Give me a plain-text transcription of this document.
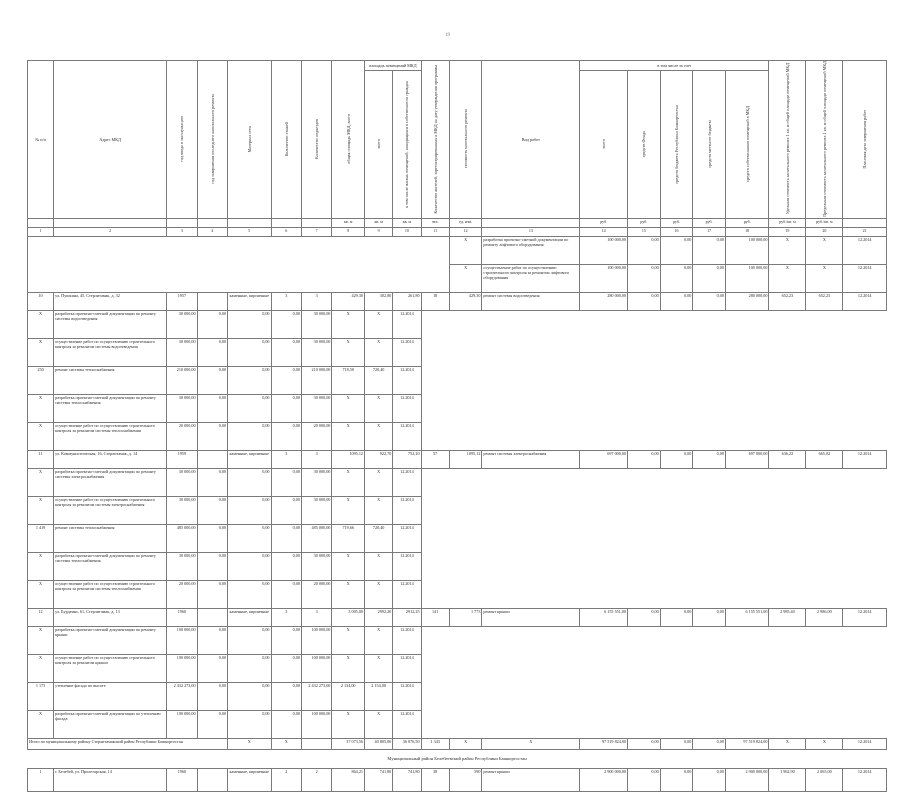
19
№ п/п	Адрес МКД	год ввода в эксплуатацию	год завершения последнего капитального ремонта	Материал стен	Количество этажей	Количество подъездов	общая площадь МКД, всего	площадь помещений МКД		Количество жителей, зарегистрированных в МКД на дату утверждения программы	стоимость капитального ремонта	Вид работ	в том числе за счет					Удельная стоимость капитального ремонта 1 кв. м общей площади помещений МКД	Предельная стоимость капитального ремонта 1 кв. м общей площади помещений МКД	Плановая дата завершения работ
								всего	в том числе жилых помещений, находящихся в собственности граждан				всего	средств Фонда	средств бюджета Республики Башкортостан	средств местного бюджета	средств собственников помещений в МКД			
							кв. м	кв. м	кв. м	чел.	ед. изм.		руб.	руб.	руб.	руб.	руб.	руб./кв. м	руб./кв. м	
1	2	3	4	5	6	7	8	9	10	11	12	13	14	15	16	17	18	19	20	21
											X	разработка проектно-сметной документации по ремонту лифтового оборудования	100 000,00	0,00	0,00	0,00	100 000,00	X	X	12.2014
											X	осуществление работ по осуществлению строительного контроля за ремонтом лифтового оборудования	100 000,00	0,00	0,00	0,00	100 000,00	X	X	12.2014
10	ул. Пушкина, 45, Стерлитамак, д. 32	1957		каменные, кирпичные	3	3	429,30	302,80	261,80	18	429,30	ремонт системы водоотведения	280 000,00	0,00	0,00	0,00	280 000,00	652,23	652,23	12.2014
X	разработка проектно-сметной документации по ремонту системы водоотведения	30 000,00	0,00	0,00	0,00	30 000,00	X	X	12.2014											
X	осуществление работ по осуществлению строительного контроля за ремонтом системы водоотведения	30 000,00	0,00	0,00	0,00	30 000,00	X	X	12.2014											
250	ремонт системы теплоснабжения	210 000,00	0,00	0,00	0,00	210 000,00	718,50	720,40	12.2014											
X	разработка проектно-сметной документации по ремонту системы теплоснабжения	30 000,00	0,00	0,00	0,00	30 000,00	X	X	12.2014											
X	осуществление работ по осуществлению строительного контроля за ремонтом системы теплоснабжения	20 000,00	0,00	0,00	0,00	20 000,00	X	X	12.2014											
11	ул. Коммунистическая, 16, Стерлитамак, д. 14	1959		каменные, кирпичные	3	3	1095,12	922,70	752,20	57	1095,12	ремонт системы электроснабжения	697 000,00	0,00	0,00	0,00	697 000,00	636,22	665,02	12.2014
X	разработка проектно-сметной документации по ремонту системы электроснабжения	30 000,00	0,00	0,00	0,00	30 000,00	X	X	12.2014											
X	осуществление работ по осуществлению строительного контроля за ремонтом системы электроснабжения	30 000,00	0,00	0,00	0,00	30 000,00	X	X	12.2014											
1 419	ремонт системы теплоснабжения	485 000,00	0,00	0,00	0,00	485 000,00	719,66	720,40	12.2014											
X	разработка проектно-сметной документации по ремонту системы теплоснабжения	30 000,00	0,00	0,00	0,00	30 000,00	X	X	12.2014											
X	осуществление работ по осуществлению строительного контроля за ремонтом системы теплоснабжения	20 000,00	0,00	0,00	0,00	20 000,00	X	X	12.2014											
12	ул. Бурденко, 61, Стерлитамак, д. 13	1960		каменные, кирпичные	3	3	3 005,00	2992,20	2912,25	141	1 773	ремонт крыши	6 155 551,00	0,00	0,00	0,00	6 155 551,00	2 985,40	2 986,00	12.2014
X	разработка проектно-сметной документации по ремонту крыши	100 000,00	0,00	0,00	0,00	100 000,00	X	X	12.2014											
X	осуществление работ по осуществлению строительного контроля за ремонтом крыши	100 000,00	0,00	0,00	0,00	100 000,00	X	X	12.2014											
1 173	утепление фасада по высоте	2 432 273,00	0,00	0,00	0,00	2 432 273,00	2 134,00	2 154,00	12.2014											
X	разработка проектно-сметной документации по утеплению фасада	100 000,00	0,00	0,00	0,00	100 000,00	X	X	12.2014											
Итого по муниципальному району Стерлитамакский район Республики Башкортостан				X	X		37 073,56	40 805,00	36 076,50	1 343	X	X	97 519 824,00	0,00	0,00	0,00	97 519 824,00	X	X	12.2014
Муниципальный район Белебеевский район Республики Башкортостан																				
1	г. Белебей, ул. Пролетарская, 14	1960		каменные, кирпичные	2	2	864,21	741,80	741,80	38	590	ремонт крыши	2 900 000,00	0,00	0,00	0,00	2 900 000,00	1 962,90	2 065,00	12.2014
